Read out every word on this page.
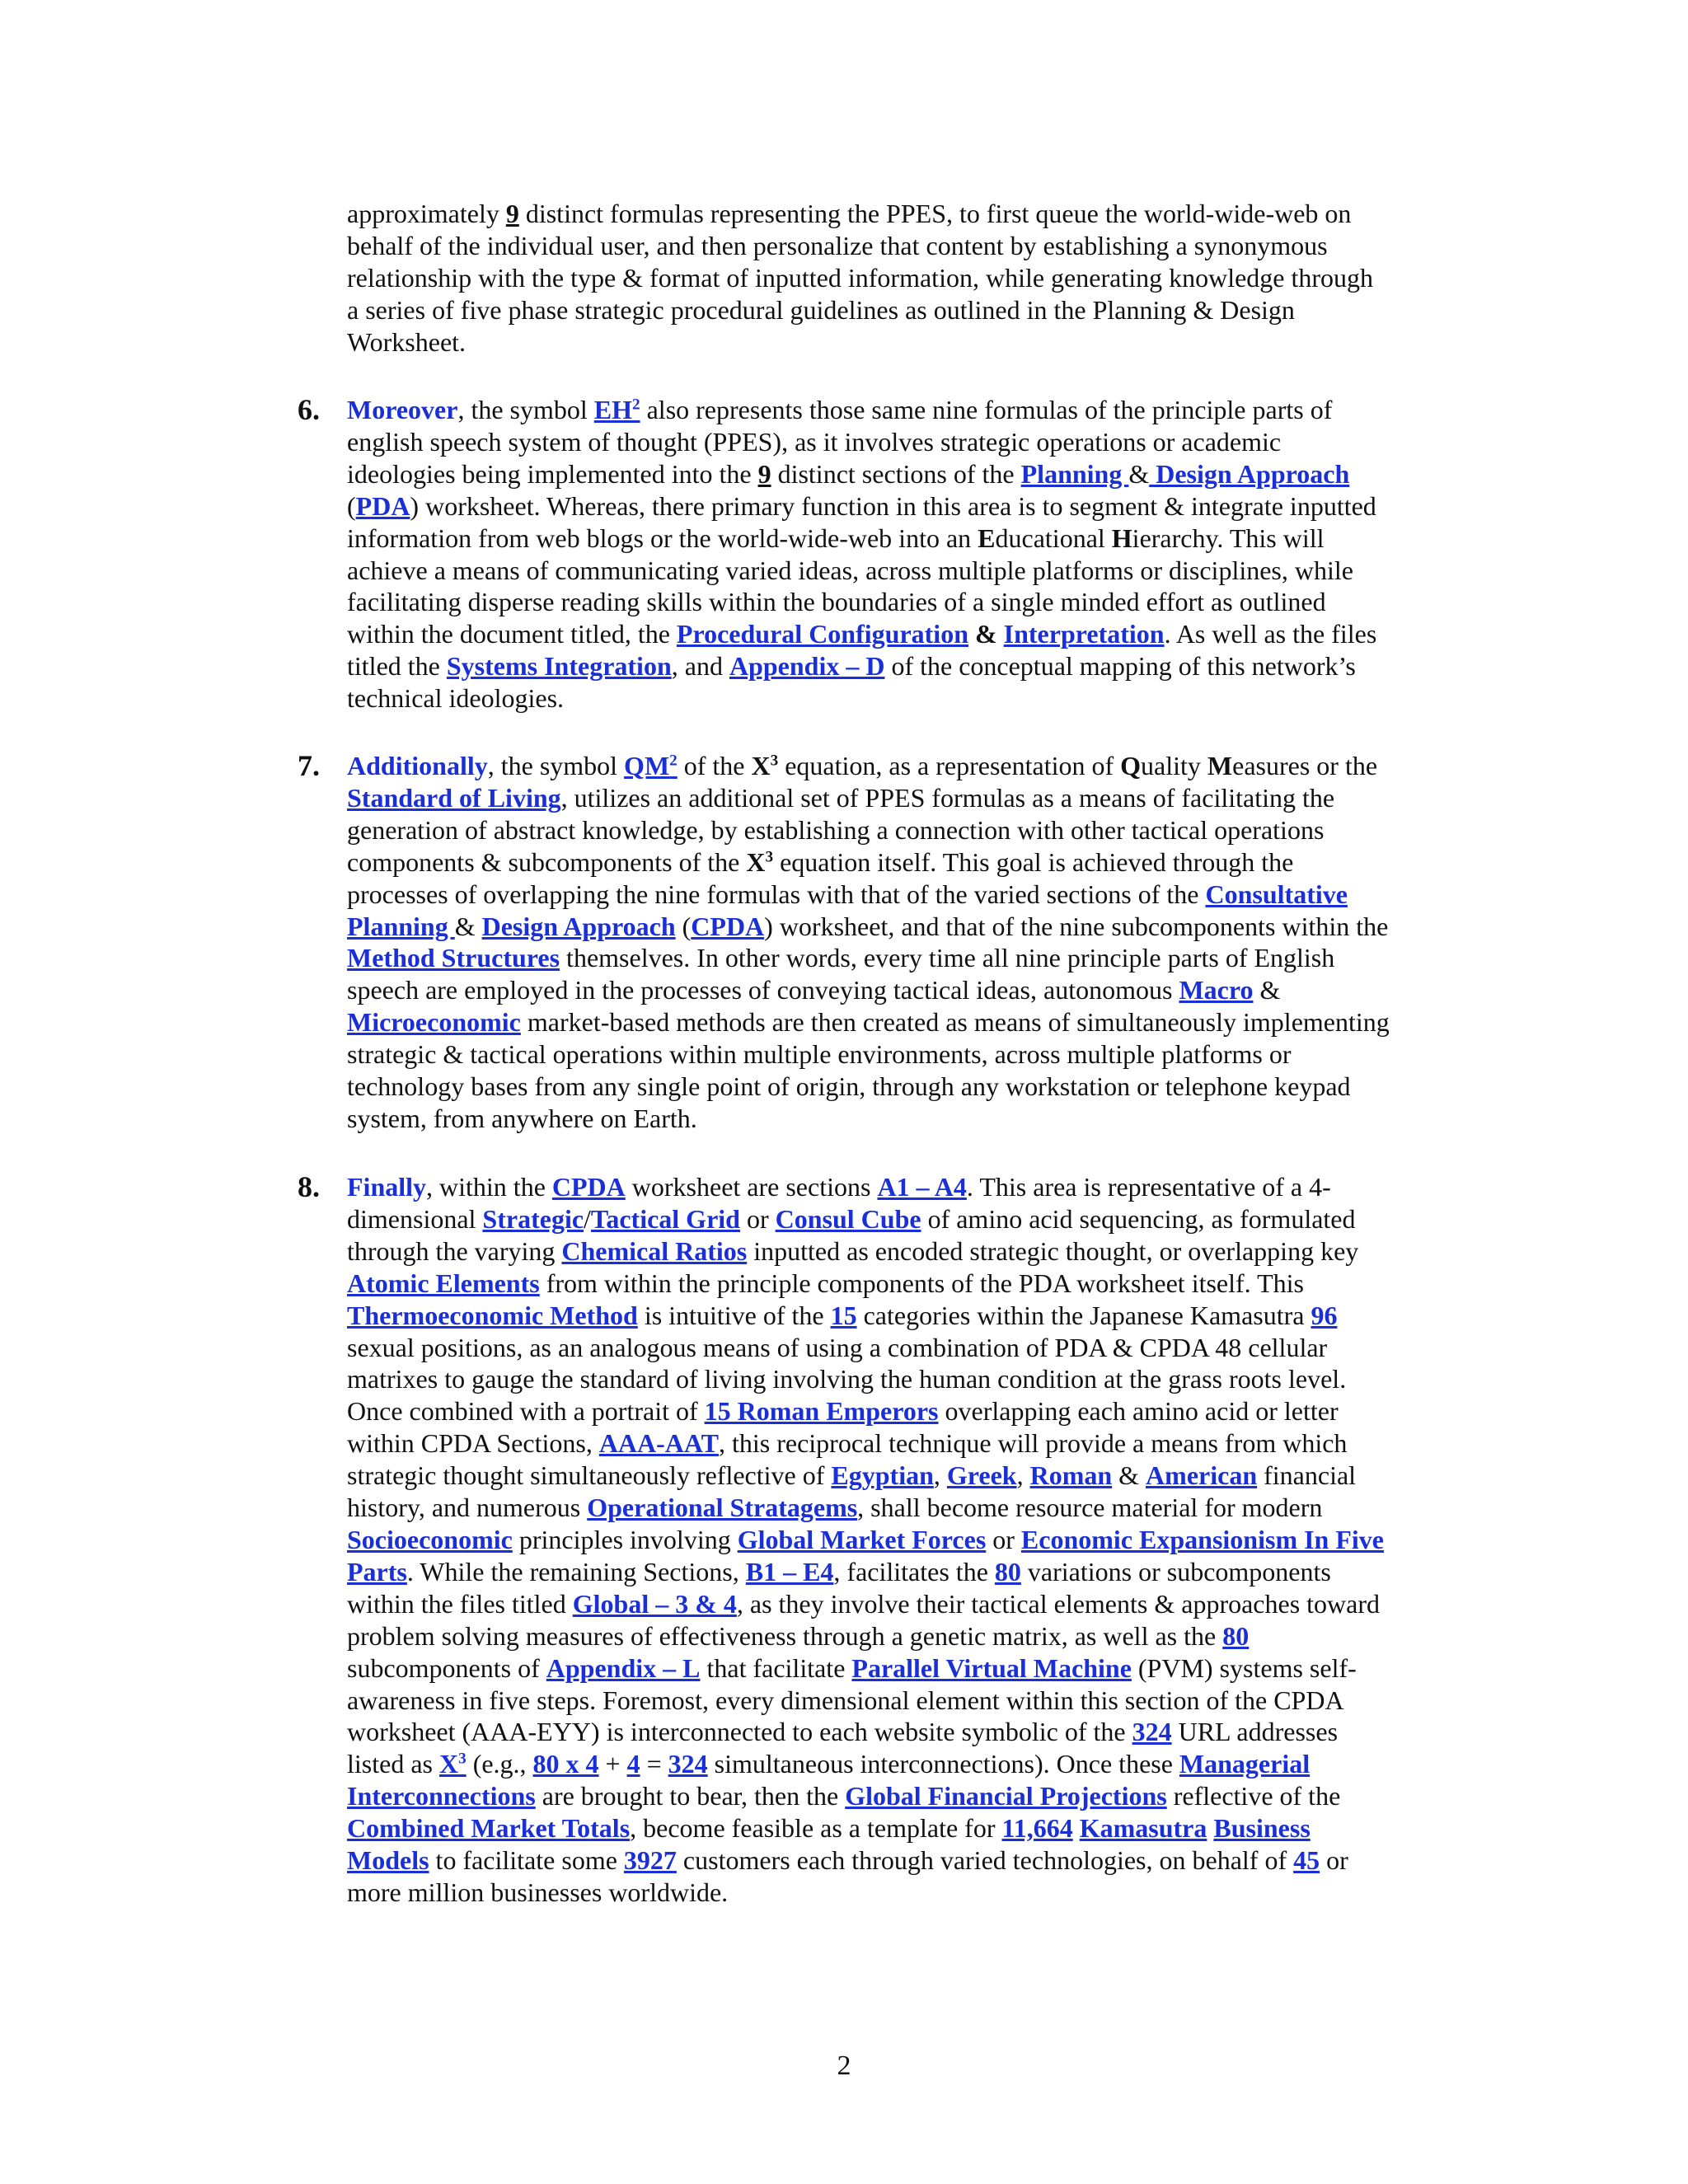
approximately 9 distinct formulas representing the PPES, to first queue the world-wide-web on
behalf of the individual user, and then personalize that content by establishing a synonymous
relationship with the type & format of inputted information, while generating knowledge through
a series of five phase strategic procedural guidelines as outlined in the Planning & Design
Worksheet.
6. Moreover, the symbol $EH^2$ also represents those same nine formulas of the principle parts of
english speech system of thought (PPES), as it involves strategic operations or academic
ideologies being implemented into the 9 distinct sections of the Planning & Design Approach
(PDA) worksheet. Whereas, there primary function in this area is to segment & integrate inputted
information from web blogs or the world-wide-web into an Educational Hierarchy. This will
achieve a means of communicating varied ideas, across multiple platforms or disciplines, while
facilitating disperse reading skills within the boundaries of a single minded effort as outlined
within the document titled, the Procedural Configuration & Interpretation. As well as the files
titled the Systems Integration, and Appendix – D of the conceptual mapping of this network’s
technical ideologies.
7. Additionally, the symbol $QM^2$ of the $X^3$ equation, as a representation of Quality Measures or the
Standard of Living, utilizes an additional set of PPES formulas as a means of facilitating the
generation of abstract knowledge, by establishing a connection with other tactical operations
components & subcomponents of the $X^3$ equation itself. This goal is achieved through the
processes of overlapping the nine formulas with that of the varied sections of the Consultative
Planning & Design Approach (CPDA) worksheet, and that of the nine subcomponents within the
Method Structures themselves. In other words, every time all nine principle parts of English
speech are employed in the processes of conveying tactical ideas, autonomous Macro &
Microeconomic market-based methods are then created as means of simultaneously implementing
strategic & tactical operations within multiple environments, across multiple platforms or
technology bases from any single point of origin, through any workstation or telephone keypad
system, from anywhere on Earth.
8. Finally, within the CPDA worksheet are sections A1 – A4. This area is representative of a 4-
dimensional Strategic/Tactical Grid or Consul Cube of amino acid sequencing, as formulated
through the varying Chemical Ratios inputted as encoded strategic thought, or overlapping key
Atomic Elements from within the principle components of the PDA worksheet itself. This
Thermoeconomic Method is intuitive of the 15 categories within the Japanese Kamasutra 96
sexual positions, as an analogous means of using a combination of PDA & CPDA 48 cellular
matrixes to gauge the standard of living involving the human condition at the grass roots level.
Once combined with a portrait of 15 Roman Emperors overlapping each amino acid or letter
within CPDA Sections, AAA-AAT, this reciprocal technique will provide a means from which
strategic thought simultaneously reflective of Egyptian, Greek, Roman & American financial
history, and numerous Operational Stratagems, shall become resource material for modern
Socioeconomic principles involving Global Market Forces or Economic Expansionism In Five
Parts. While the remaining Sections, B1 – E4, facilitates the 80 variations or subcomponents
within the files titled Global – 3 & 4, as they involve their tactical elements & approaches toward
problem solving measures of effectiveness through a genetic matrix, as well as the 80
subcomponents of Appendix – L that facilitate Parallel Virtual Machine (PVM) systems self-
awareness in five steps. Foremost, every dimensional element within this section of the CPDA
worksheet (AAA-EYY) is interconnected to each website symbolic of the 324 URL addresses
listed as $X^3$ (e.g., 80 x 4 + 4 = 324 simultaneous interconnections). Once these Managerial
Interconnections are brought to bear, then the Global Financial Projections reflective of the
Combined Market Totals, become feasible as a template for 11,664 Kamasutra Business
Models to facilitate some 3927 customers each through varied technologies, on behalf of 45 or
more million businesses worldwide.
2
